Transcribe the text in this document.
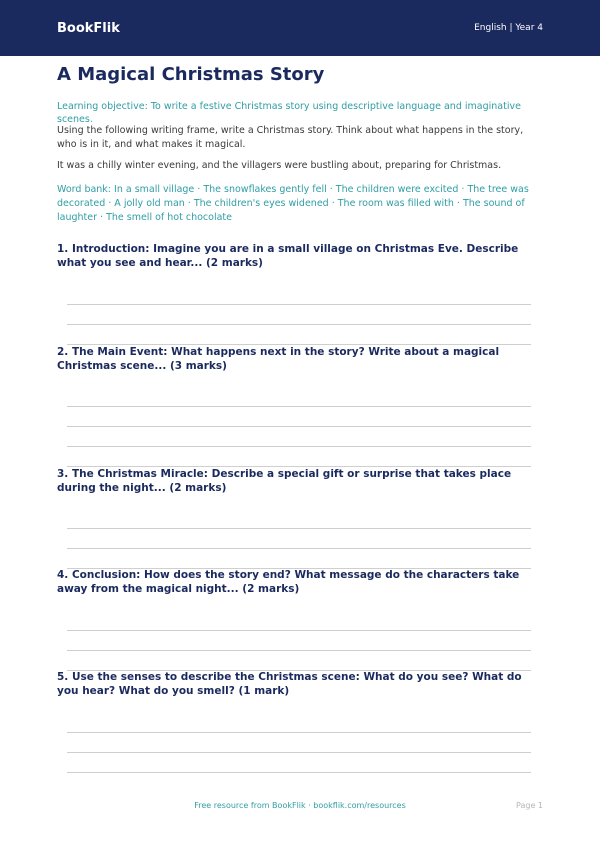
BookFlik	English | Year 4
A Magical Christmas Story
Learning objective: To write a festive Christmas story using descriptive language and imaginative scenes.
Using the following writing frame, write a Christmas story. Think about what happens in the story, who is in it, and what makes it magical.
It was a chilly winter evening, and the villagers were bustling about, preparing for Christmas.
Word bank: In a small village · The snowflakes gently fell · The children were excited · The tree was decorated · A jolly old man · The children's eyes widened · The room was filled with · The sound of laughter · The smell of hot chocolate
1. Introduction: Imagine you are in a small village on Christmas Eve. Describe what you see and hear... (2 marks)
2. The Main Event: What happens next in the story? Write about a magical Christmas scene... (3 marks)
3. The Christmas Miracle: Describe a special gift or surprise that takes place during the night... (2 marks)
4. Conclusion: How does the story end? What message do the characters take away from the magical night... (2 marks)
5. Use the senses to describe the Christmas scene: What do you see? What do you hear? What do you smell? (1 mark)
Free resource from BookFlik · bookflik.com/resources	Page 1
